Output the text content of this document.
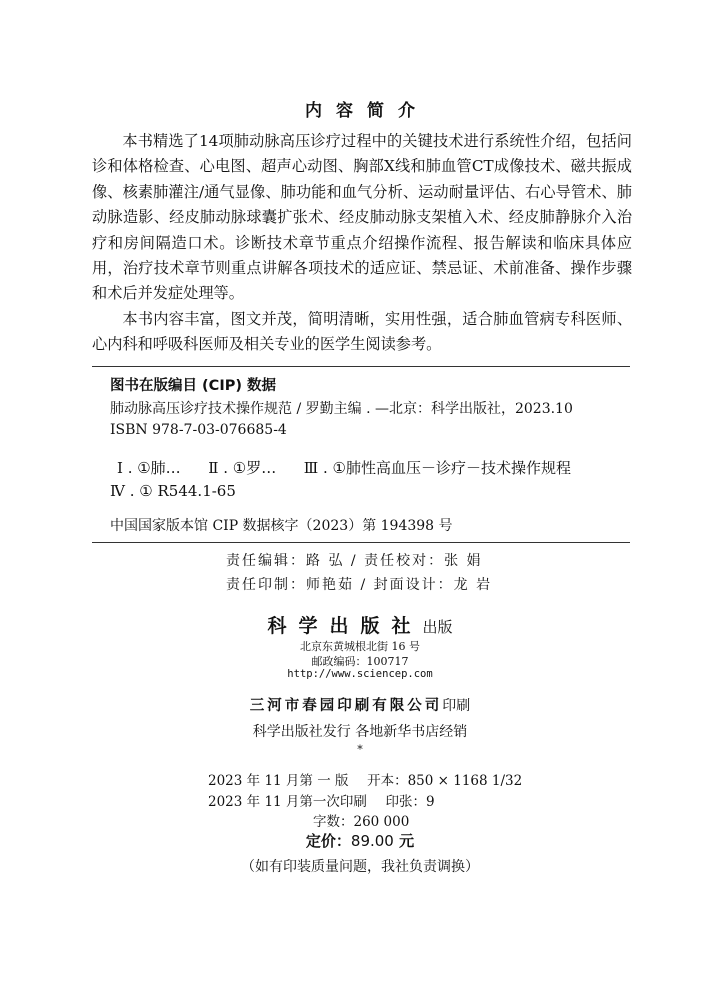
内容简介

本书精选了14项肺动脉高压诊疗过程中的关键技术进行系统性介绍，包括问诊和体格检查、心电图、超声心动图、胸部X线和肺血管CT成像技术、磁共振成像、核素肺灌注/通气显像、肺功能和血气分析、运动耐量评估、右心导管术、肺动脉造影、经皮肺动脉球囊扩张术、经皮肺动脉支架植入术、经皮肺静脉介入治疗和房间隔造口术。诊断技术章节重点介绍操作流程、报告解读和临床具体应用，治疗技术章节则重点讲解各项技术的适应证、禁忌证、术前准备、操作步骤和术后并发症处理等。

本书内容丰富，图文并茂，简明清晰，实用性强，适合肺血管病专科医师、心内科和呼吸科医师及相关专业的医学生阅读参考。

图书在版编目 (CIP) 数据
肺动脉高压诊疗技术操作规范 / 罗勤主编 . —北京：科学出版社，2023.10
ISBN 978-7-03-076685-4
Ⅰ . ①肺… Ⅱ . ①罗… Ⅲ . ①肺性高血压－诊疗－技术操作规程
Ⅳ . ① R544.1-65
中国国家版本馆 CIP 数据核字（2023）第 194398 号
责任编辑：路 弘 / 责任校对：张 娟
责任印制：师艳茹 / 封面设计：龙 岩
科学出版社出版
北京东黄城根北街 16 号
邮政编码：100717
http://www.sciencep.com
三河市春园印刷有限公司印刷
科学出版社发行 各地新华书店经销
*
2023 年 11 月第 一 版 开本：850 × 1168 1/32
2023 年 11 月第一次印刷 印张：9
字数：260 000
定价：89.00 元
（如有印装质量问题，我社负责调换）
